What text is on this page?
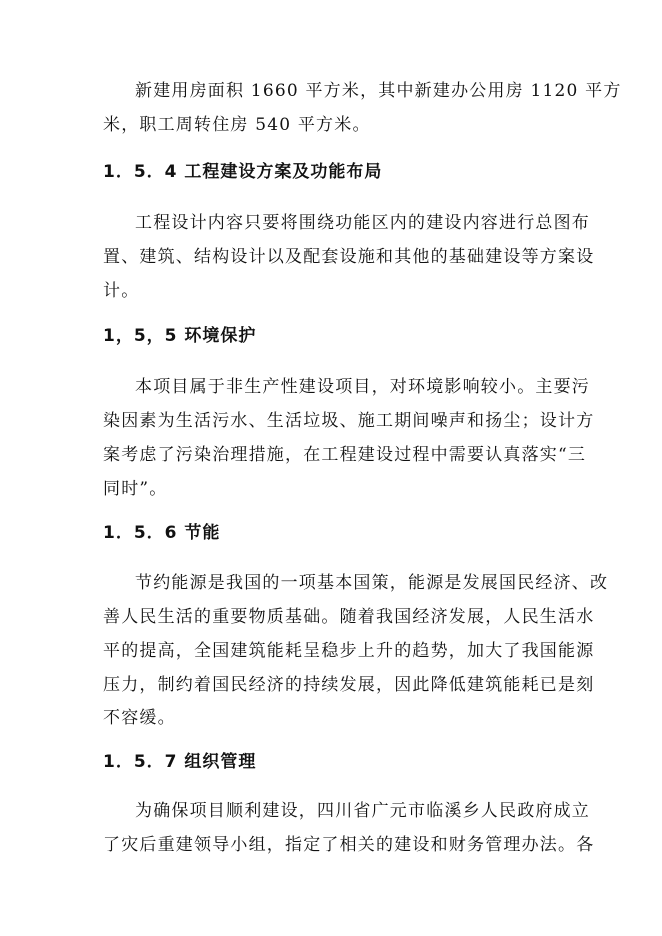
新建用房面积 1660 平方米，其中新建办公用房 1120 平方
米，职工周转住房 540 平方米。
1．5．4 工程建设方案及功能布局
工程设计内容只要将围绕功能区内的建设内容进行总图布
置、建筑、结构设计以及配套设施和其他的基础建设等方案设
计。
1，5，5 环境保护
本项目属于非生产性建设项目，对环境影响较小。主要污
染因素为生活污水、生活垃圾、施工期间噪声和扬尘；设计方
案考虑了污染治理措施，在工程建设过程中需要认真落实“三
同时”。
1．5．6 节能
节约能源是我国的一项基本国策，能源是发展国民经济、改
善人民生活的重要物质基础。随着我国经济发展，人民生活水
平的提高，全国建筑能耗呈稳步上升的趋势，加大了我国能源
压力，制约着国民经济的持续发展，因此降低建筑能耗已是刻
不容缓。
1．5．7 组织管理
为确保项目顺利建设，四川省广元市临溪乡人民政府成立
了灾后重建领导小组，指定了相关的建设和财务管理办法。各
